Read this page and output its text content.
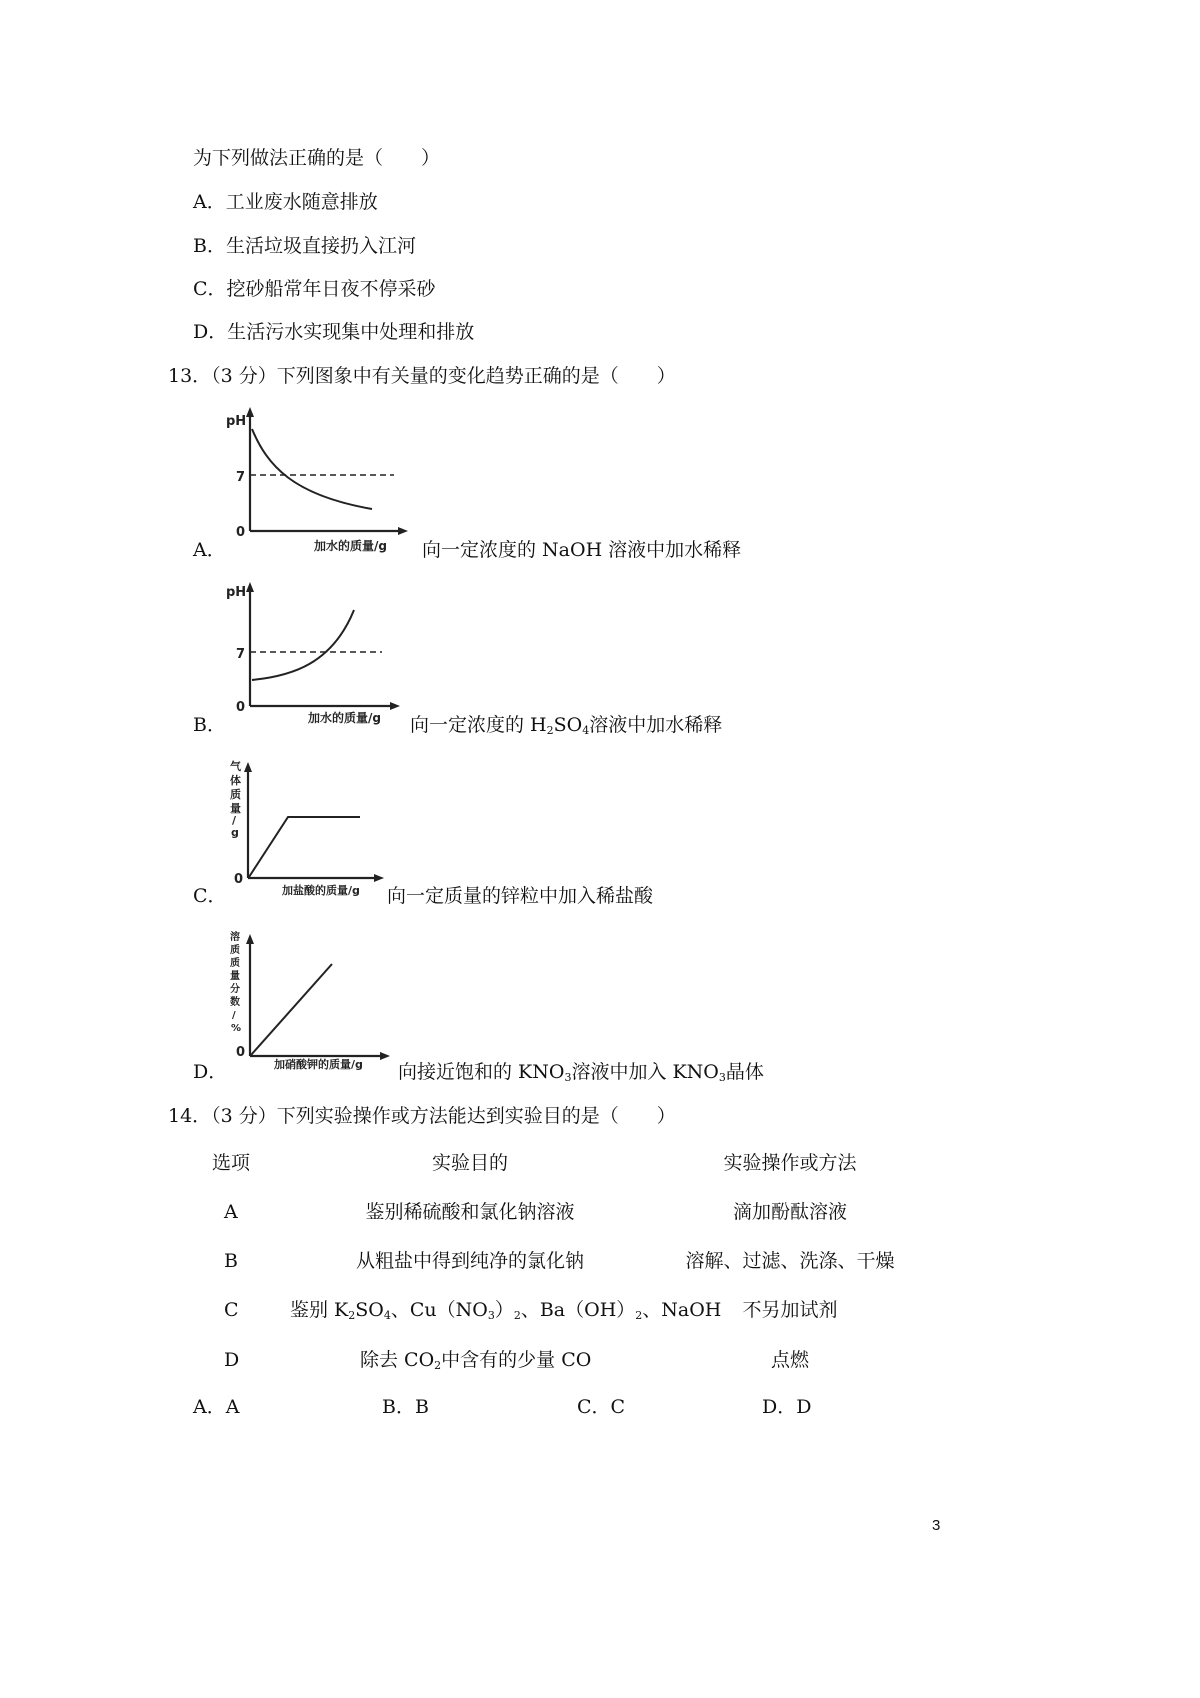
为下列做法正确的是（　　）
A．工业废水随意排放
B．生活垃圾直接扔入江河
C．挖砂船常年日夜不停采砂
D．生活污水实现集中处理和排放
13．（3 分）下列图象中有关量的变化趋势正确的是（　　）
A．
pH
7
0
加水的质量/g 向一定浓度的 NaOH 溶液中加水稀释
B．
pH
7
0
加水的质量/g 向一定浓度的 $H_2SO_4$溶液中加水稀释
C．
气
体
质
量
/
g
0
加盐酸的质量/g 向一定质量的锌粒中加入稀盐酸
D．
溶
质
质
量
分
数
/
%
0
加硝酸钾的质量/g 向接近饱和的 $KNO_3$溶液中加入 $KNO_3$晶体
14．（3 分）下列实验操作或方法能达到实验目的是（　　）
选项	实验目的	实验操作或方法
A	鉴别稀硫酸和氯化钠溶液	滴加酚酞溶液
B	从粗盐中得到纯净的氯化钠	溶解、过滤、洗涤、干燥
C	鉴别 $K_2SO_4$、$Cu(NO_3)_2$、$Ba(OH)_2$、NaOH	不另加试剂
D	除去 $CO_2$中含有的少量 CO	点燃
A．A	B．B	C．C	D．D
3
